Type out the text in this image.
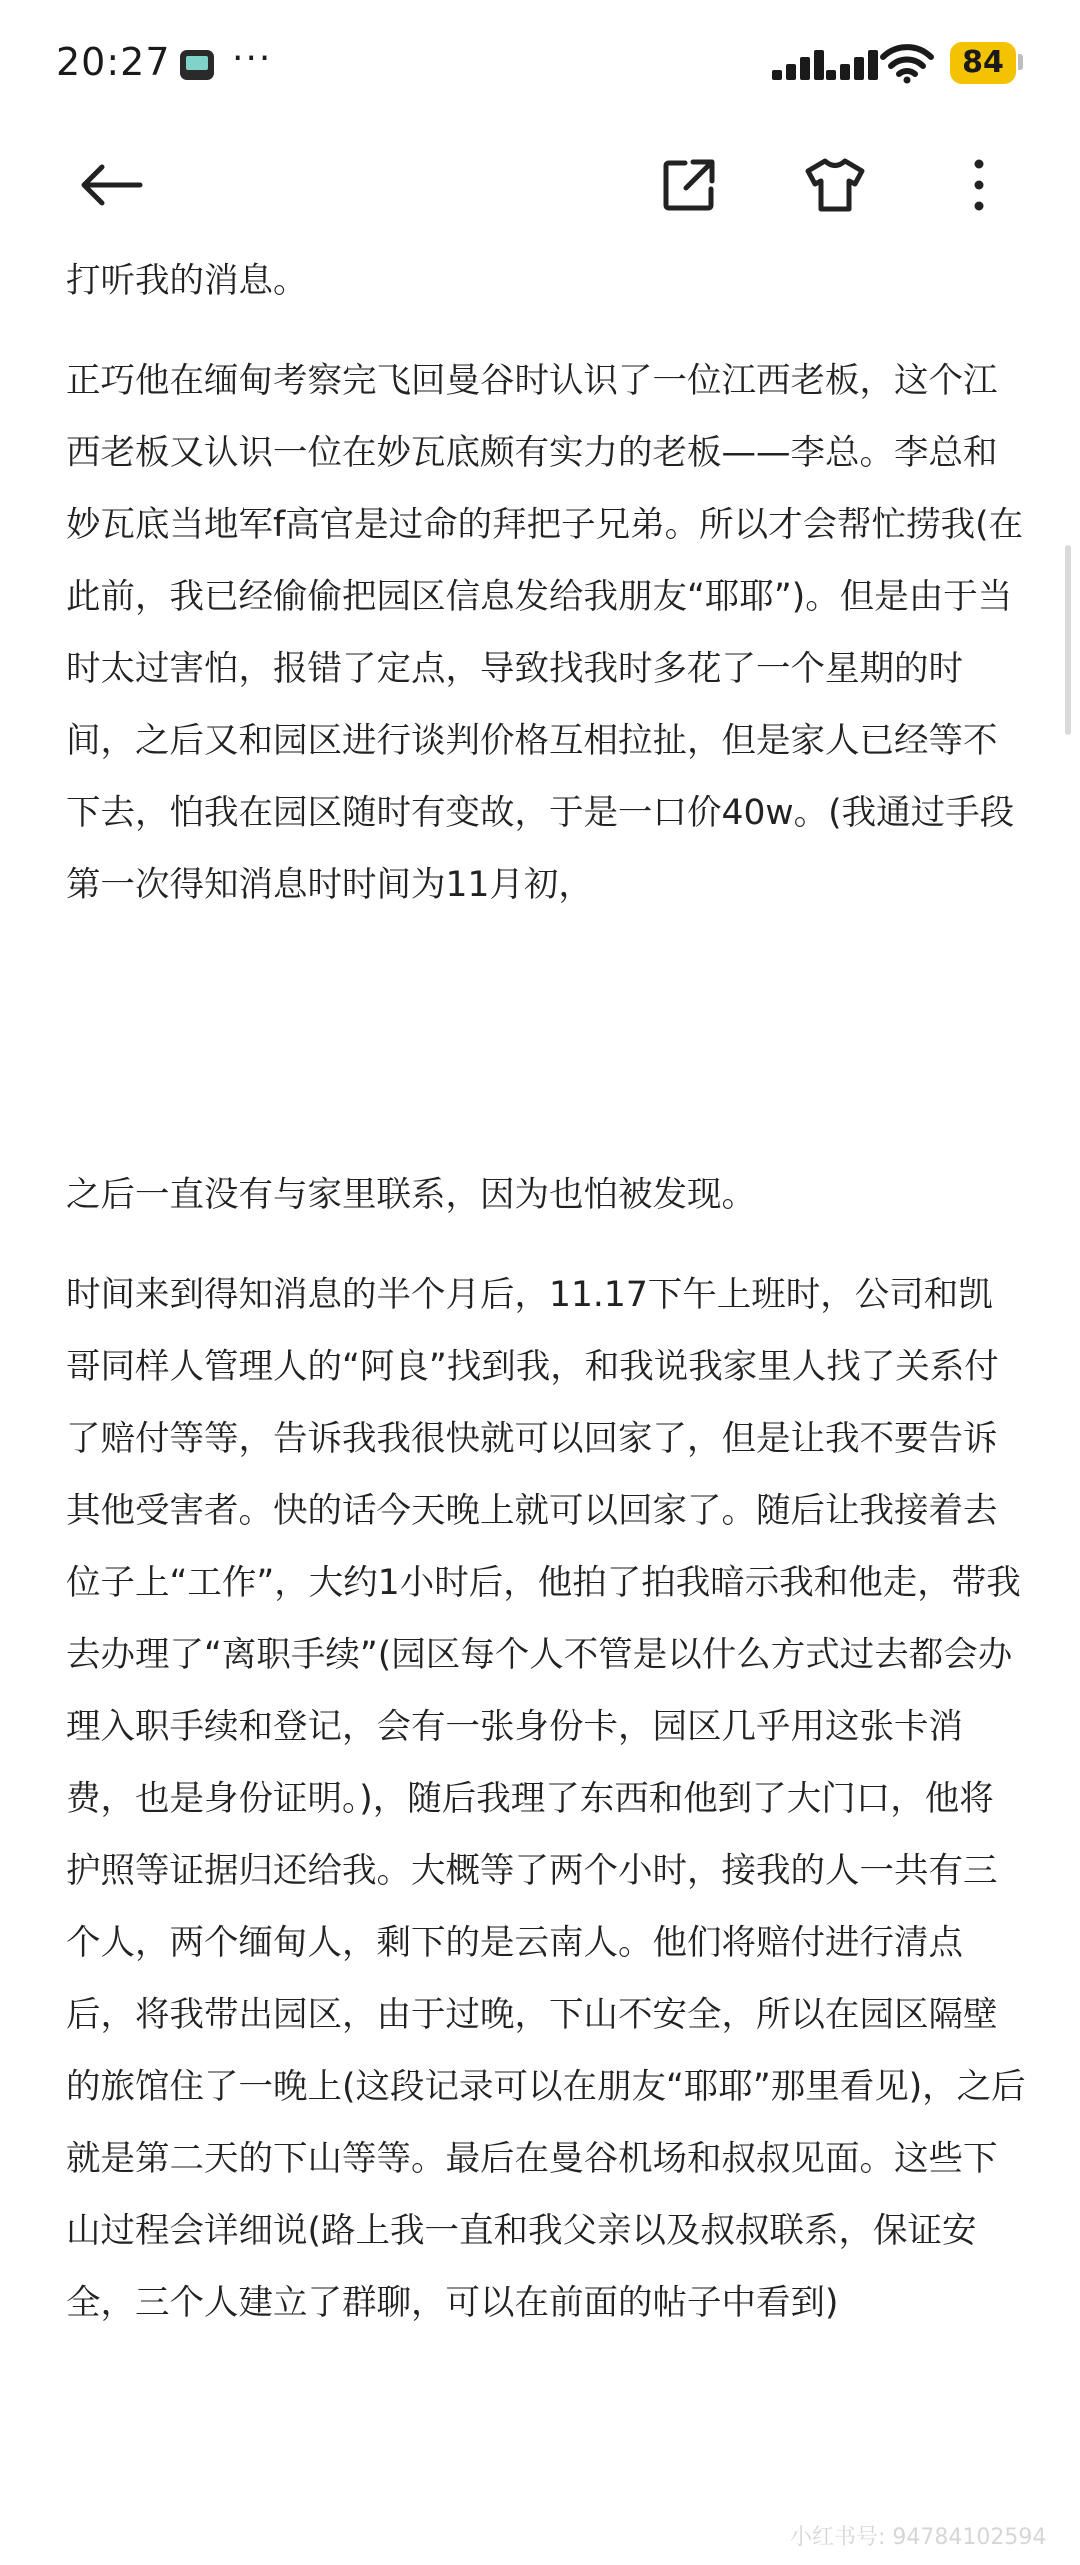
20:27 ···	84

打听我的消息。

正巧他在缅甸考察完飞回曼谷时认识了一位江西老板，这个江西老板又认识一位在妙瓦底颇有实力的老板——李总。李总和妙瓦底当地军f高官是过命的拜把子兄弟。所以才会帮忙捞我(在此前，我已经偷偷把园区信息发给我朋友“耶耶”)。但是由于当时太过害怕，报错了定点，导致找我时多花了一个星期的时间，之后又和园区进行谈判价格互相拉扯，但是家人已经等不下去，怕我在园区随时有变故，于是一口价40w。(我通过手段第一次得知消息时时间为11月初，

之后一直没有与家里联系，因为也怕被发现。

时间来到得知消息的半个月后，11.17下午上班时，公司和凯哥同样人管理人的“阿良”找到我，和我说我家里人找了关系付了赔付等等，告诉我我很快就可以回家了，但是让我不要告诉其他受害者。快的话今天晚上就可以回家了。随后让我接着去位子上“工作”，大约1小时后，他拍了拍我暗示我和他走，带我去办理了“离职手续”(园区每个人不管是以什么方式过去都会办理入职手续和登记，会有一张身份卡，园区几乎用这张卡消费，也是身份证明。)，随后我理了东西和他到了大门口，他将护照等证据归还给我。大概等了两个小时，接我的人一共有三个人，两个缅甸人，剩下的是云南人。他们将赔付进行清点后，将我带出园区，由于过晚，下山不安全，所以在园区隔壁的旅馆住了一晚上(这段记录可以在朋友“耶耶”那里看见)，之后就是第二天的下山等等。最后在曼谷机场和叔叔见面。这些下山过程会详细说(路上我一直和我父亲以及叔叔联系，保证安全，三个人建立了群聊，可以在前面的帖子中看到)

小红书号: 94784102594
